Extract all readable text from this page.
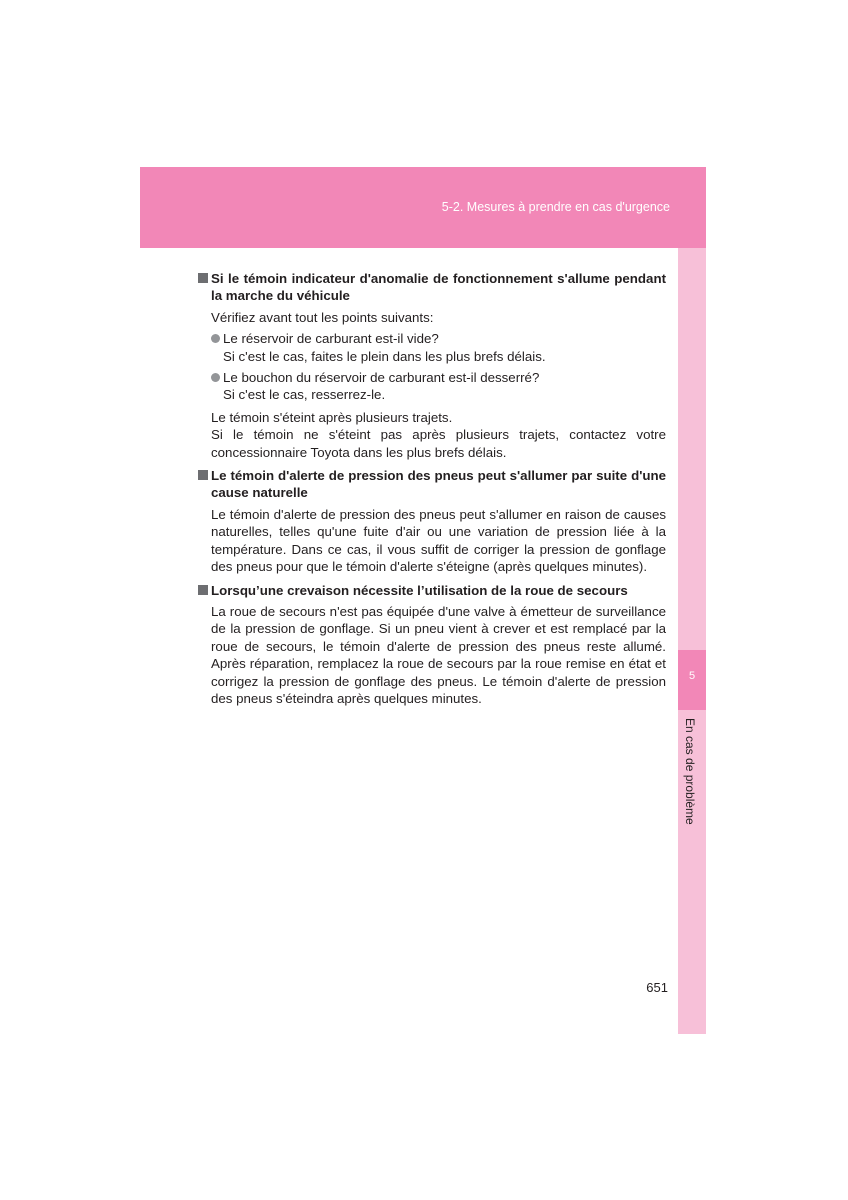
5-2. Mesures à prendre en cas d'urgence
5
En cas de problème
Si le témoin indicateur d'anomalie de fonctionnement s'allume pendant la marche du véhicule
Vérifiez avant tout les points suivants:
Le réservoir de carburant est-il vide?
Si c'est le cas, faites le plein dans les plus brefs délais.
Le bouchon du réservoir de carburant est-il desserré?
Si c'est le cas, resserrez-le.
Le témoin s'éteint après plusieurs trajets.
Si le témoin ne s'éteint pas après plusieurs trajets, contactez votre concessionnaire Toyota dans les plus brefs délais.
Le témoin d'alerte de pression des pneus peut s'allumer par suite d'une cause naturelle
Le témoin d'alerte de pression des pneus peut s'allumer en raison de causes naturelles, telles qu'une fuite d'air ou une variation de pression liée à la température. Dans ce cas, il vous suffit de corriger la pression de gonflage des pneus pour que le témoin d'alerte s'éteigne (après quelques minutes).
Lorsqu’une crevaison nécessite l’utilisation de la roue de secours
La roue de secours n'est pas équipée d'une valve à émetteur de surveillance de la pression de gonflage. Si un pneu vient à crever et est remplacé par la roue de secours, le témoin d'alerte de pression des pneus reste allumé. Après réparation, remplacez la roue de secours par la roue remise en état et corrigez la pression de gonflage des pneus. Le témoin d'alerte de pression des pneus s'éteindra après quelques minutes.
651
